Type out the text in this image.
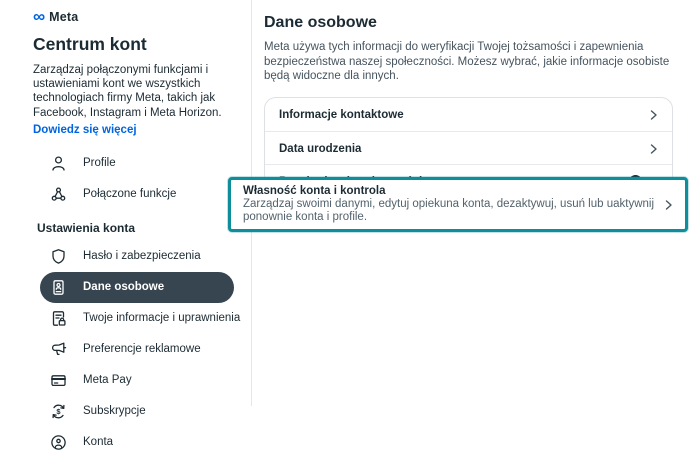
∞ Meta
Centrum kont
Zarządzaj połączonymi funkcjami i ustawieniami kont we wszystkich technologiach firmy Meta, takich jak Facebook, Instagram i Meta Horizon.
Dowiedz się więcej
Profile
Połączone funkcje
Ustawienia konta
Hasło i zabezpieczenia
Dane osobowe
Twoje informacje i uprawnienia
Preferencje reklamowe
Meta Pay
$ Subskrypcje
Konta
Dane osobowe
Meta używa tych informacji do weryfikacji Twojej tożsamości i zapewnienia bezpieczeństwa naszej społeczności. Możesz wybrać, jakie informacje osobiste będą widoczne dla innych.
Informacje kontaktowe
Data urodzenia
Własność konta i kontrola
Zarządzaj swoimi danymi, edytuj opiekuna konta, dezaktywuj, usuń lub uaktywnij ponownie konta i profile.
